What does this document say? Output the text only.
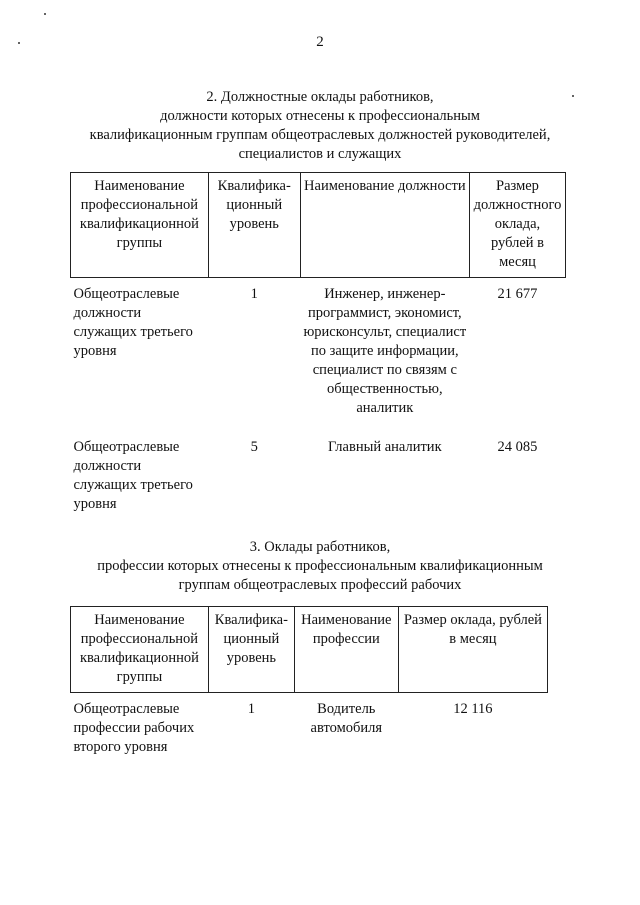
2
2. Должностные оклады работников,
должности которых отнесены к профессиональным
квалификационным группам общеотраслевых должностей руководителей,
специалистов и служащих
Наименование профессиональной квалификационной группы	Квалифика-ционный уровень	Наименование должности	Размер должностного оклада, рублей в месяц
Общеотраслевые должности служащих третьего уровня	1	Инженер, инженер-программист, экономист, юрисконсульт, специалист по защите информации, специалист по связям с общественностью, аналитик	21 677
Общеотраслевые должности служащих третьего уровня	5	Главный аналитик	24 085
3. Оклады работников,
профессии которых отнесены к профессиональным квалификационным
группам общеотраслевых профессий рабочих
Наименование профессиональной квалификационной группы	Квалифика-ционный уровень	Наименование профессии	Размер оклада, рублей в месяц
Общеотраслевые профессии рабочих второго уровня	1	Водитель автомобиля	12 116
